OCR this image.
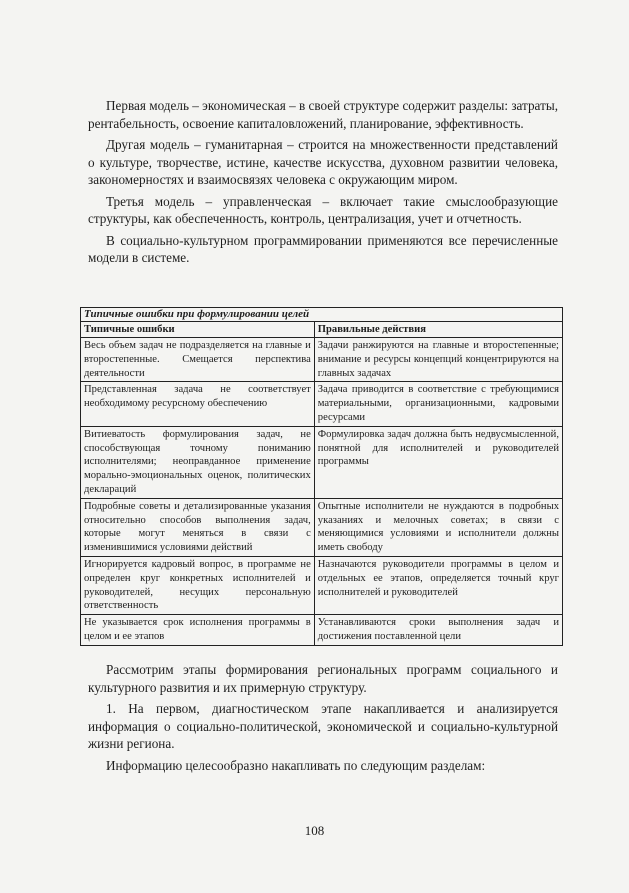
Первая модель – экономическая – в своей структуре содержит разделы: затраты, рентабельность, освоение капиталовложений, планирование, эффективность.

Другая модель – гуманитарная – строится на множественности представлений о культуре, творчестве, истине, качестве искусства, духовном развитии человека, закономерностях и взаимосвязях человека с окружающим миром.

Третья модель – управленческая – включает такие смыслообразующие структуры, как обеспеченность, контроль, централизация, учет и отчетность.

В социально-культурном программировании применяются все перечисленные модели в системе.

Типичные ошибки при формулировании целей
Типичные ошибки	Правильные действия
Весь объем задач не подразделяется на главные и второстепенные. Смещается перспектива деятельности	Задачи ранжируются на главные и второстепенные; внимание и ресурсы концепций концентрируются на главных задачах
Представленная задача не соответствует необходимому ресурсному обеспечению	Задача приводится в соответствие с требующимися материальными, организационными, кадровыми ресурсами
Витиеватость формулирования задач, не способствующая точному пониманию исполнителями; неоправданное применение морально-эмоциональных оценок, политических деклараций	Формулировка задач должна быть недвусмысленной, понятной для исполнителей и руководителей программы
Подробные советы и детализированные указания относительно способов выполнения задач, которые могут меняться в связи с изменившимися условиями действий	Опытные исполнители не нуждаются в подробных указаниях и мелочных советах; в связи с меняющимися условиями и исполнители должны иметь свободу
Игнорируется кадровый вопрос, в программе не определен круг конкретных исполнителей и руководителей, несущих персональную ответственность	Назначаются руководители программы в целом и отдельных ее этапов, определяется точный круг исполнителей и руководителей
Не указывается срок исполнения программы в целом и ее этапов	Устанавливаются сроки выполнения задач и достижения поставленной цели

Рассмотрим этапы формирования региональных программ социального и культурного развития и их примерную структуру.

1. На первом, диагностическом этапе накапливается и анализируется информация о социально-политической, экономической и социально-культурной жизни региона.

Информацию целесообразно накапливать по следующим разделам:

108
